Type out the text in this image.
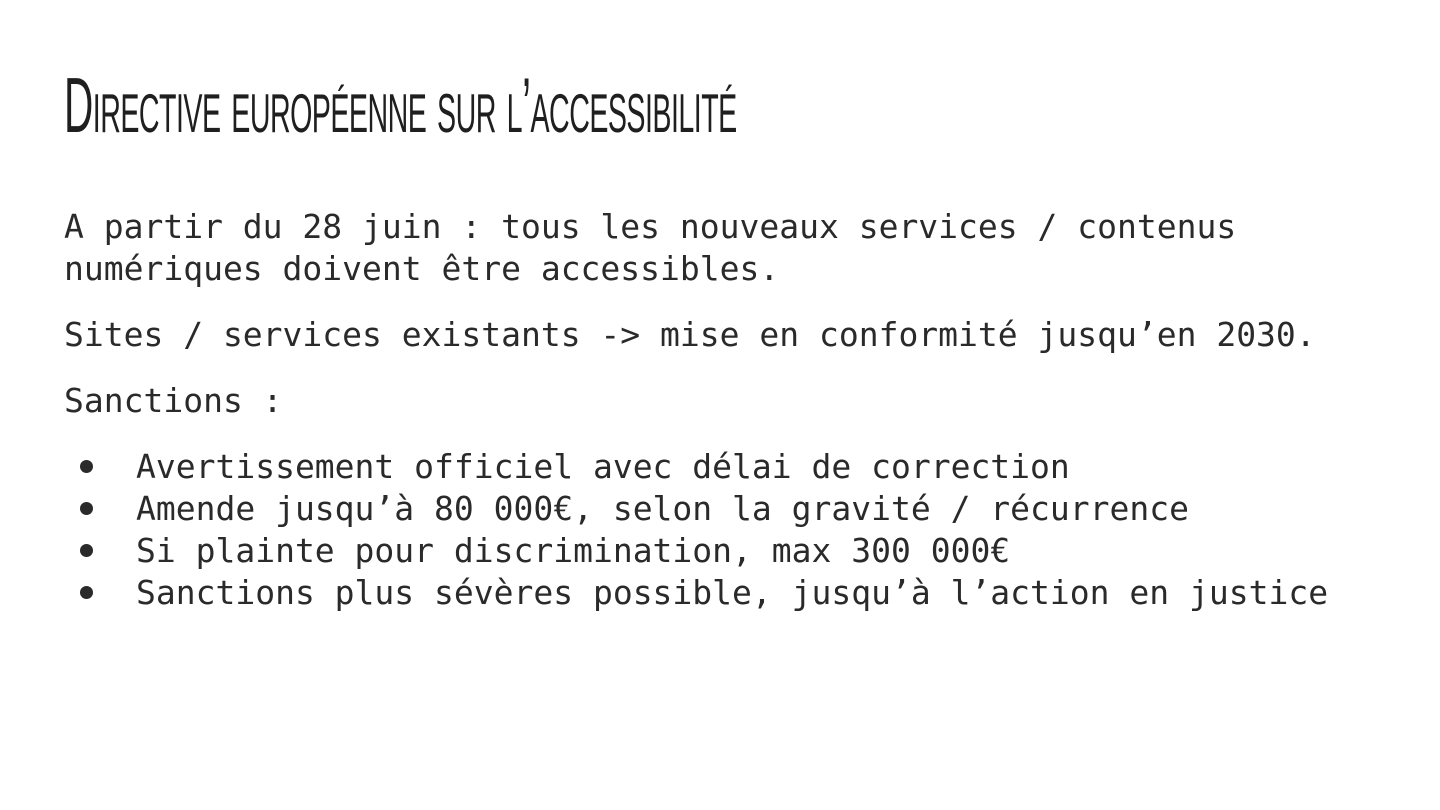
Directive européenne sur l’accessibilité

A partir du 28 juin : tous les nouveaux services / contenus numériques doivent être accessibles.

Sites / services existants -> mise en conformité jusqu’en 2030.

Sanctions :

Avertissement officiel avec délai de correction
Amende jusqu’à 80 000€, selon la gravité / récurrence
Si plainte pour discrimination, max 300 000€
Sanctions plus sévères possible, jusqu’à l’action en justice
